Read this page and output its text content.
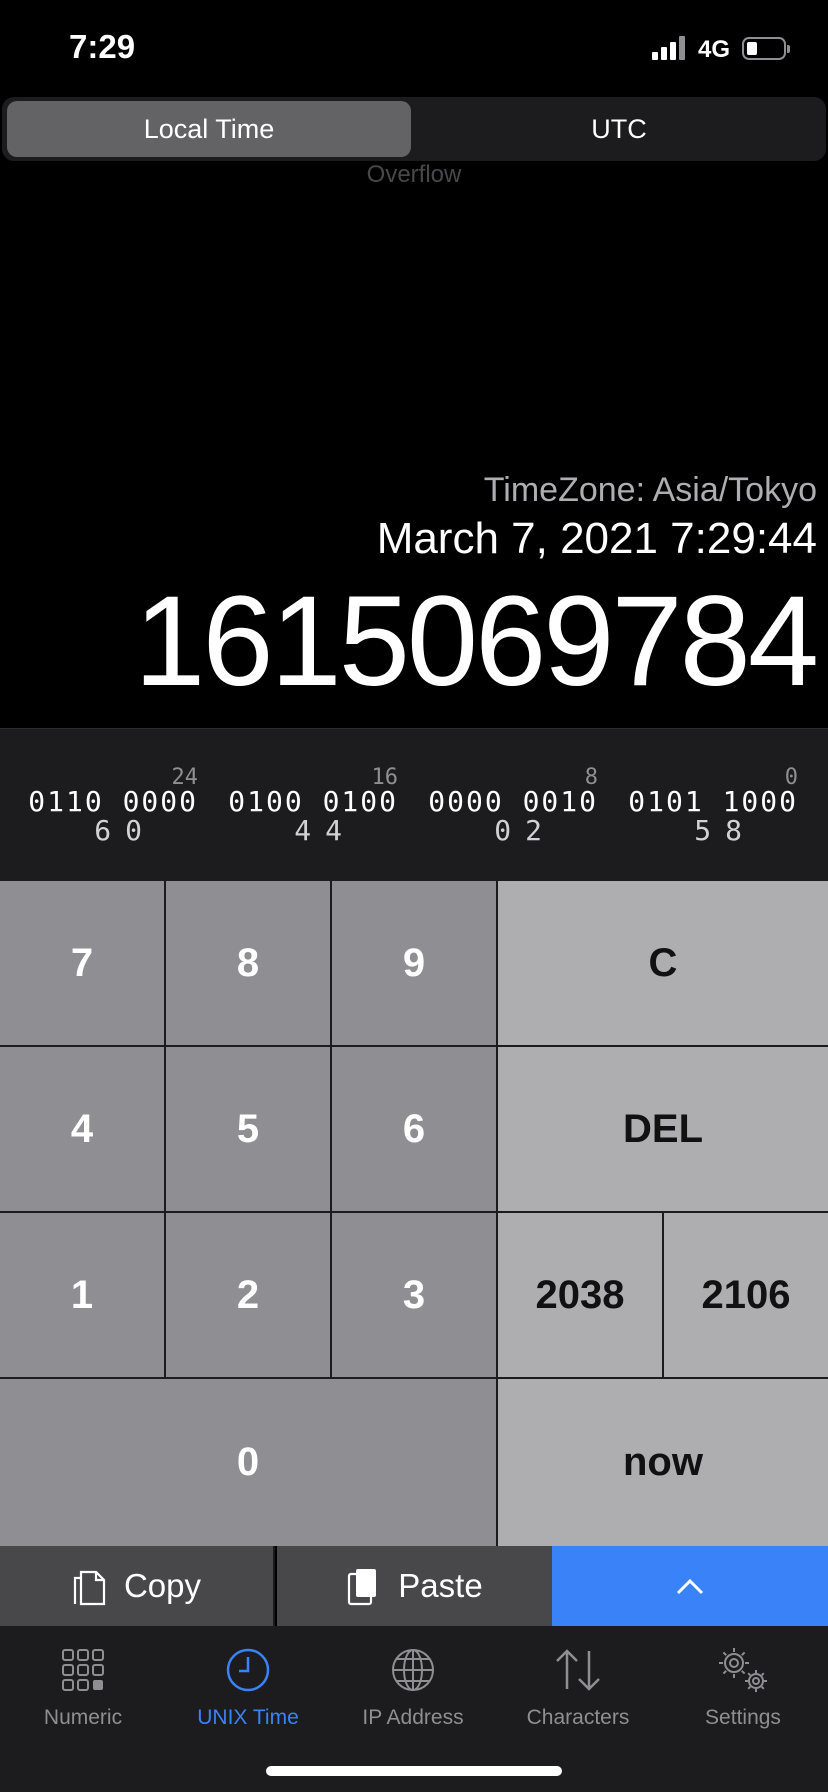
7:29	4G
Local Time	UTC
Overflow
TimeZone: Asia/Tokyo
March 7, 2021 7:29:44
1615069784
24
0110 0000
60
16
0100 0100
44
8
0000 0010
02
0
0101 1000
58
7	8	9	C
4	5	6	DEL
1	2	3	2038	2106
0	now
Copy	Paste
Numeric	UNIX Time	IP Address	Characters	Settings
